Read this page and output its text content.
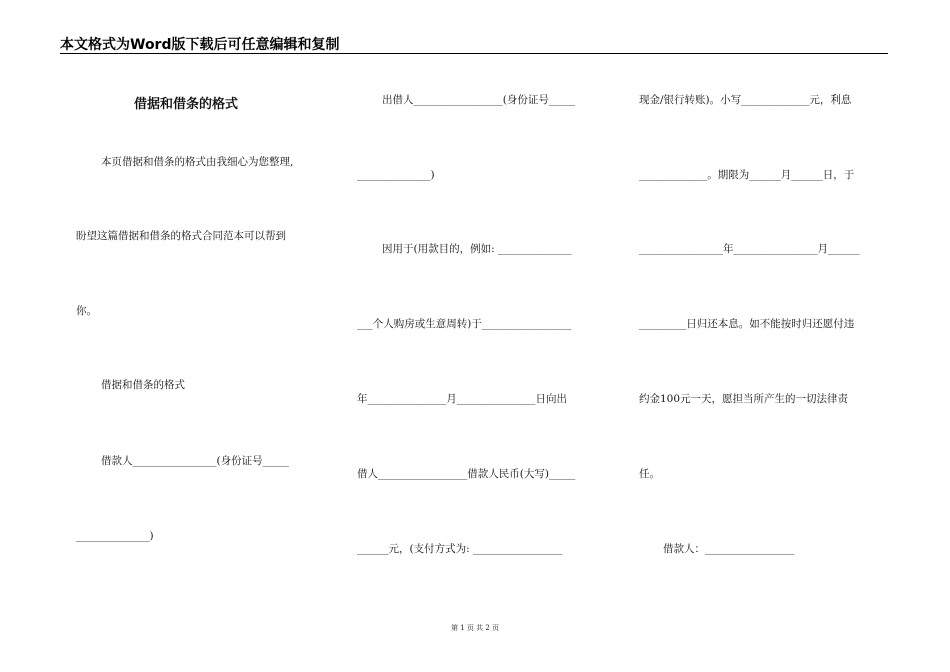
本文格式为Word版下载后可任意编辑和复制
借据和借条的格式
本页借据和借条的格式由我细心为您整理,
盼望这篇借据和借条的格式合同范本可以帮到
你。
借据和借条的格式
借款人________________(身份证号_____
______________)
出借人_________________(身份证号_____
______________)
因用于(用款目的，例如: ______________
___个人购房或生意周转)于_________________
年_______________月_______________日向出
借人_________________借款人民币(大写)_____
______元，(支付方式为: _________________
现金/银行转账)。小写_____________元，利息
_____________。期限为______月______日，于
________________年________________月______
_________日归还本息。如不能按时归还愿付违
约金100元一天，愿担当所产生的一切法律责
任。
借款人：_________________
第 1 页 共 2 页
